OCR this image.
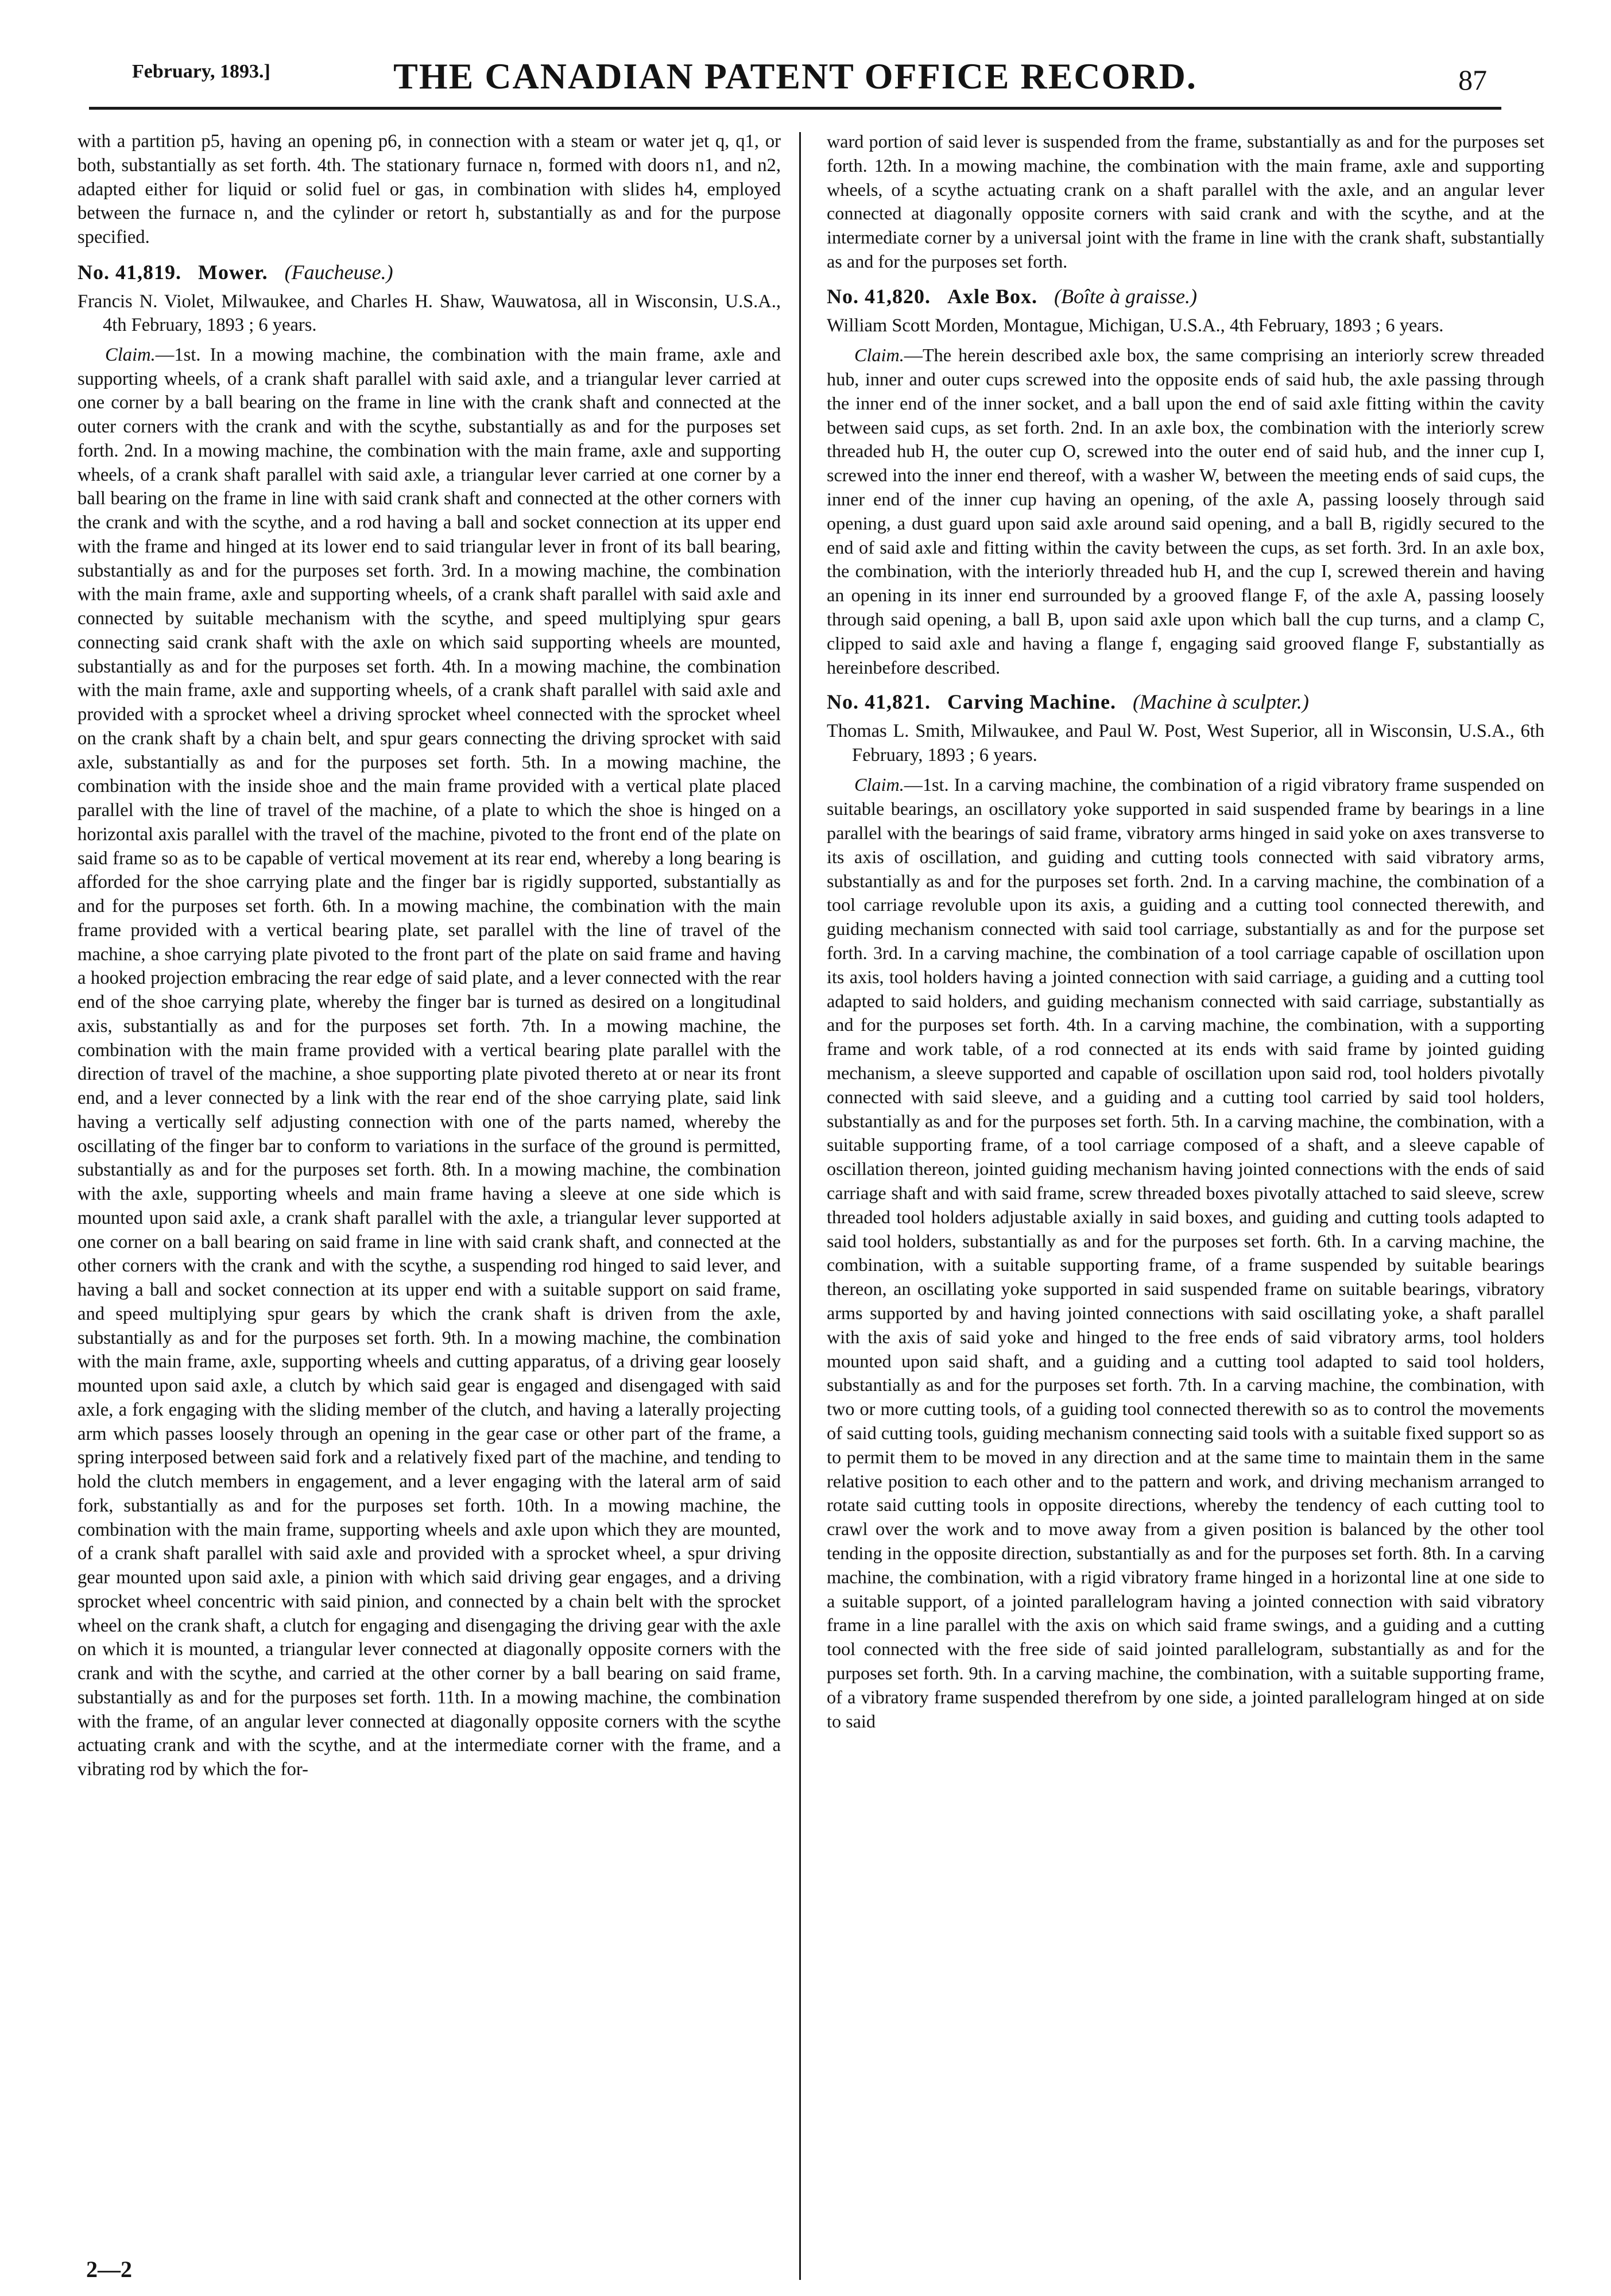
February, 1893.]	THE CANADIAN PATENT OFFICE RECORD.	87

with a partition p5, having an opening p6, in connection with a steam or water jet q, q1, or both, substantially as set forth. 4th. The stationary furnace n, formed with doors n1, and n2, adapted either for liquid or solid fuel or gas, in combination with slides h4, employed between the furnace n, and the cylinder or retort h, substantially as and for the purpose specified.

No. 41,819. Mower. (Faucheuse.)

Francis N. Violet, Milwaukee, and Charles H. Shaw, Wauwatosa, all in Wisconsin, U.S.A., 4th February, 1893 ; 6 years.

Claim.—1st. In a mowing machine, the combination with the main frame, axle and supporting wheels, of a crank shaft parallel with said axle, and a triangular lever carried at one corner by a ball bearing on the frame in line with the crank shaft and connected at the outer corners with the crank and with the scythe, substantially as and for the purposes set forth. 2nd. In a mowing machine, the combination with the main frame, axle and supporting wheels, of a crank shaft parallel with said axle, a triangular lever carried at one corner by a ball bearing on the frame in line with said crank shaft and connected at the other corners with the crank and with the scythe, and a rod having a ball and socket connection at its upper end with the frame and hinged at its lower end to said triangular lever in front of its ball bearing, substantially as and for the purposes set forth. 3rd. In a mowing machine, the combination with the main frame, axle and supporting wheels, of a crank shaft parallel with said axle and connected by suitable mechanism with the scythe, and speed multiplying spur gears connecting said crank shaft with the axle on which said supporting wheels are mounted, substantially as and for the purposes set forth. 4th. In a mowing machine, the combination with the main frame, axle and supporting wheels, of a crank shaft parallel with said axle and provided with a sprocket wheel a driving sprocket wheel connected with the sprocket wheel on the crank shaft by a chain belt, and spur gears connecting the driving sprocket with said axle, substantially as and for the purposes set forth. 5th. In a mowing machine, the combination with the inside shoe and the main frame provided with a vertical plate placed parallel with the line of travel of the machine, of a plate to which the shoe is hinged on a horizontal axis parallel with the travel of the machine, pivoted to the front end of the plate on said frame so as to be capable of vertical movement at its rear end, whereby a long bearing is afforded for the shoe carrying plate and the finger bar is rigidly supported, substantially as and for the purposes set forth. 6th. In a mowing machine, the combination with the main frame provided with a vertical bearing plate, set parallel with the line of travel of the machine, a shoe carrying plate pivoted to the front part of the plate on said frame and having a hooked projection embracing the rear edge of said plate, and a lever connected with the rear end of the shoe carrying plate, whereby the finger bar is turned as desired on a longitudinal axis, substantially as and for the purposes set forth. 7th. In a mowing machine, the combination with the main frame provided with a vertical bearing plate parallel with the direction of travel of the machine, a shoe supporting plate pivoted thereto at or near its front end, and a lever connected by a link with the rear end of the shoe carrying plate, said link having a vertically self adjusting connection with one of the parts named, whereby the oscillating of the finger bar to conform to variations in the surface of the ground is permitted, substantially as and for the purposes set forth. 8th. In a mowing machine, the combination with the axle, supporting wheels and main frame having a sleeve at one side which is mounted upon said axle, a crank shaft parallel with the axle, a triangular lever supported at one corner on a ball bearing on said frame in line with said crank shaft, and connected at the other corners with the crank and with the scythe, a suspending rod hinged to said lever, and having a ball and socket connection at its upper end with a suitable support on said frame, and speed multiplying spur gears by which the crank shaft is driven from the axle, substantially as and for the purposes set forth. 9th. In a mowing machine, the combination with the main frame, axle, supporting wheels and cutting apparatus, of a driving gear loosely mounted upon said axle, a clutch by which said gear is engaged and disengaged with said axle, a fork engaging with the sliding member of the clutch, and having a laterally projecting arm which passes loosely through an opening in the gear case or other part of the frame, a spring interposed between said fork and a relatively fixed part of the machine, and tending to hold the clutch members in engagement, and a lever engaging with the lateral arm of said fork, substantially as and for the purposes set forth. 10th. In a mowing machine, the combination with the main frame, supporting wheels and axle upon which they are mounted, of a crank shaft parallel with said axle and provided with a sprocket wheel, a spur driving gear mounted upon said axle, a pinion with which said driving gear engages, and a driving sprocket wheel concentric with said pinion, and connected by a chain belt with the sprocket wheel on the crank shaft, a clutch for engaging and disengaging the driving gear with the axle on which it is mounted, a triangular lever connected at diagonally opposite corners with the crank and with the scythe, and carried at the other corner by a ball bearing on said frame, substantially as and for the purposes set forth. 11th. In a mowing machine, the combination with the frame, of an angular lever connected at diagonally opposite corners with the scythe actuating crank and with the scythe, and at the intermediate corner with the frame, and a vibrating rod by which the for-

ward portion of said lever is suspended from the frame, substantially as and for the purposes set forth. 12th. In a mowing machine, the combination with the main frame, axle and supporting wheels, of a scythe actuating crank on a shaft parallel with the axle, and an angular lever connected at diagonally opposite corners with said crank and with the scythe, and at the intermediate corner by a universal joint with the frame in line with the crank shaft, substantially as and for the purposes set forth.

No. 41,820. Axle Box. (Boîte à graisse.)

William Scott Morden, Montague, Michigan, U.S.A., 4th February, 1893 ; 6 years.

Claim.—The herein described axle box, the same comprising an interiorly screw threaded hub, inner and outer cups screwed into the opposite ends of said hub, the axle passing through the inner end of the inner socket, and a ball upon the end of said axle fitting within the cavity between said cups, as set forth. 2nd. In an axle box, the combination with the interiorly screw threaded hub H, the outer cup O, screwed into the outer end of said hub, and the inner cup I, screwed into the inner end thereof, with a washer W, between the meeting ends of said cups, the inner end of the inner cup having an opening, of the axle A, passing loosely through said opening, a dust guard upon said axle around said opening, and a ball B, rigidly secured to the end of said axle and fitting within the cavity between the cups, as set forth. 3rd. In an axle box, the combination, with the interiorly threaded hub H, and the cup I, screwed therein and having an opening in its inner end surrounded by a grooved flange F, of the axle A, passing loosely through said opening, a ball B, upon said axle upon which ball the cup turns, and a clamp C, clipped to said axle and having a flange f, engaging said grooved flange F, substantially as hereinbefore described.

No. 41,821. Carving Machine. (Machine à sculpter.)

Thomas L. Smith, Milwaukee, and Paul W. Post, West Superior, all in Wisconsin, U.S.A., 6th February, 1893 ; 6 years.

Claim.—1st. In a carving machine, the combination of a rigid vibratory frame suspended on suitable bearings, an oscillatory yoke supported in said suspended frame by bearings in a line parallel with the bearings of said frame, vibratory arms hinged in said yoke on axes transverse to its axis of oscillation, and guiding and cutting tools connected with said vibratory arms, substantially as and for the purposes set forth. 2nd. In a carving machine, the combination of a tool carriage revoluble upon its axis, a guiding and a cutting tool connected therewith, and guiding mechanism connected with said tool carriage, substantially as and for the purpose set forth. 3rd. In a carving machine, the combination of a tool carriage capable of oscillation upon its axis, tool holders having a jointed connection with said carriage, a guiding and a cutting tool adapted to said holders, and guiding mechanism connected with said carriage, substantially as and for the purposes set forth. 4th. In a carving machine, the combination, with a supporting frame and work table, of a rod connected at its ends with said frame by jointed guiding mechanism, a sleeve supported and capable of oscillation upon said rod, tool holders pivotally connected with said sleeve, and a guiding and a cutting tool carried by said tool holders, substantially as and for the purposes set forth. 5th. In a carving machine, the combination, with a suitable supporting frame, of a tool carriage composed of a shaft, and a sleeve capable of oscillation thereon, jointed guiding mechanism having jointed connections with the ends of said carriage shaft and with said frame, screw threaded boxes pivotally attached to said sleeve, screw threaded tool holders adjustable axially in said boxes, and guiding and cutting tools adapted to said tool holders, substantially as and for the purposes set forth. 6th. In a carving machine, the combination, with a suitable supporting frame, of a frame suspended by suitable bearings thereon, an oscillating yoke supported in said suspended frame on suitable bearings, vibratory arms supported by and having jointed connections with said oscillating yoke, a shaft parallel with the axis of said yoke and hinged to the free ends of said vibratory arms, tool holders mounted upon said shaft, and a guiding and a cutting tool adapted to said tool holders, substantially as and for the purposes set forth. 7th. In a carving machine, the combination, with two or more cutting tools, of a guiding tool connected therewith so as to control the movements of said cutting tools, guiding mechanism connecting said tools with a suitable fixed support so as to permit them to be moved in any direction and at the same time to maintain them in the same relative position to each other and to the pattern and work, and driving mechanism arranged to rotate said cutting tools in opposite directions, whereby the tendency of each cutting tool to crawl over the work and to move away from a given position is balanced by the other tool tending in the opposite direction, substantially as and for the purposes set forth. 8th. In a carving machine, the combination, with a rigid vibratory frame hinged in a horizontal line at one side to a suitable support, of a jointed parallelogram having a jointed connection with said vibratory frame in a line parallel with the axis on which said frame swings, and a guiding and a cutting tool connected with the free side of said jointed parallelogram, substantially as and for the purposes set forth. 9th. In a carving machine, the combination, with a suitable supporting frame, of a vibratory frame suspended therefrom by one side, a jointed parallelogram hinged at on side to said

2—2
